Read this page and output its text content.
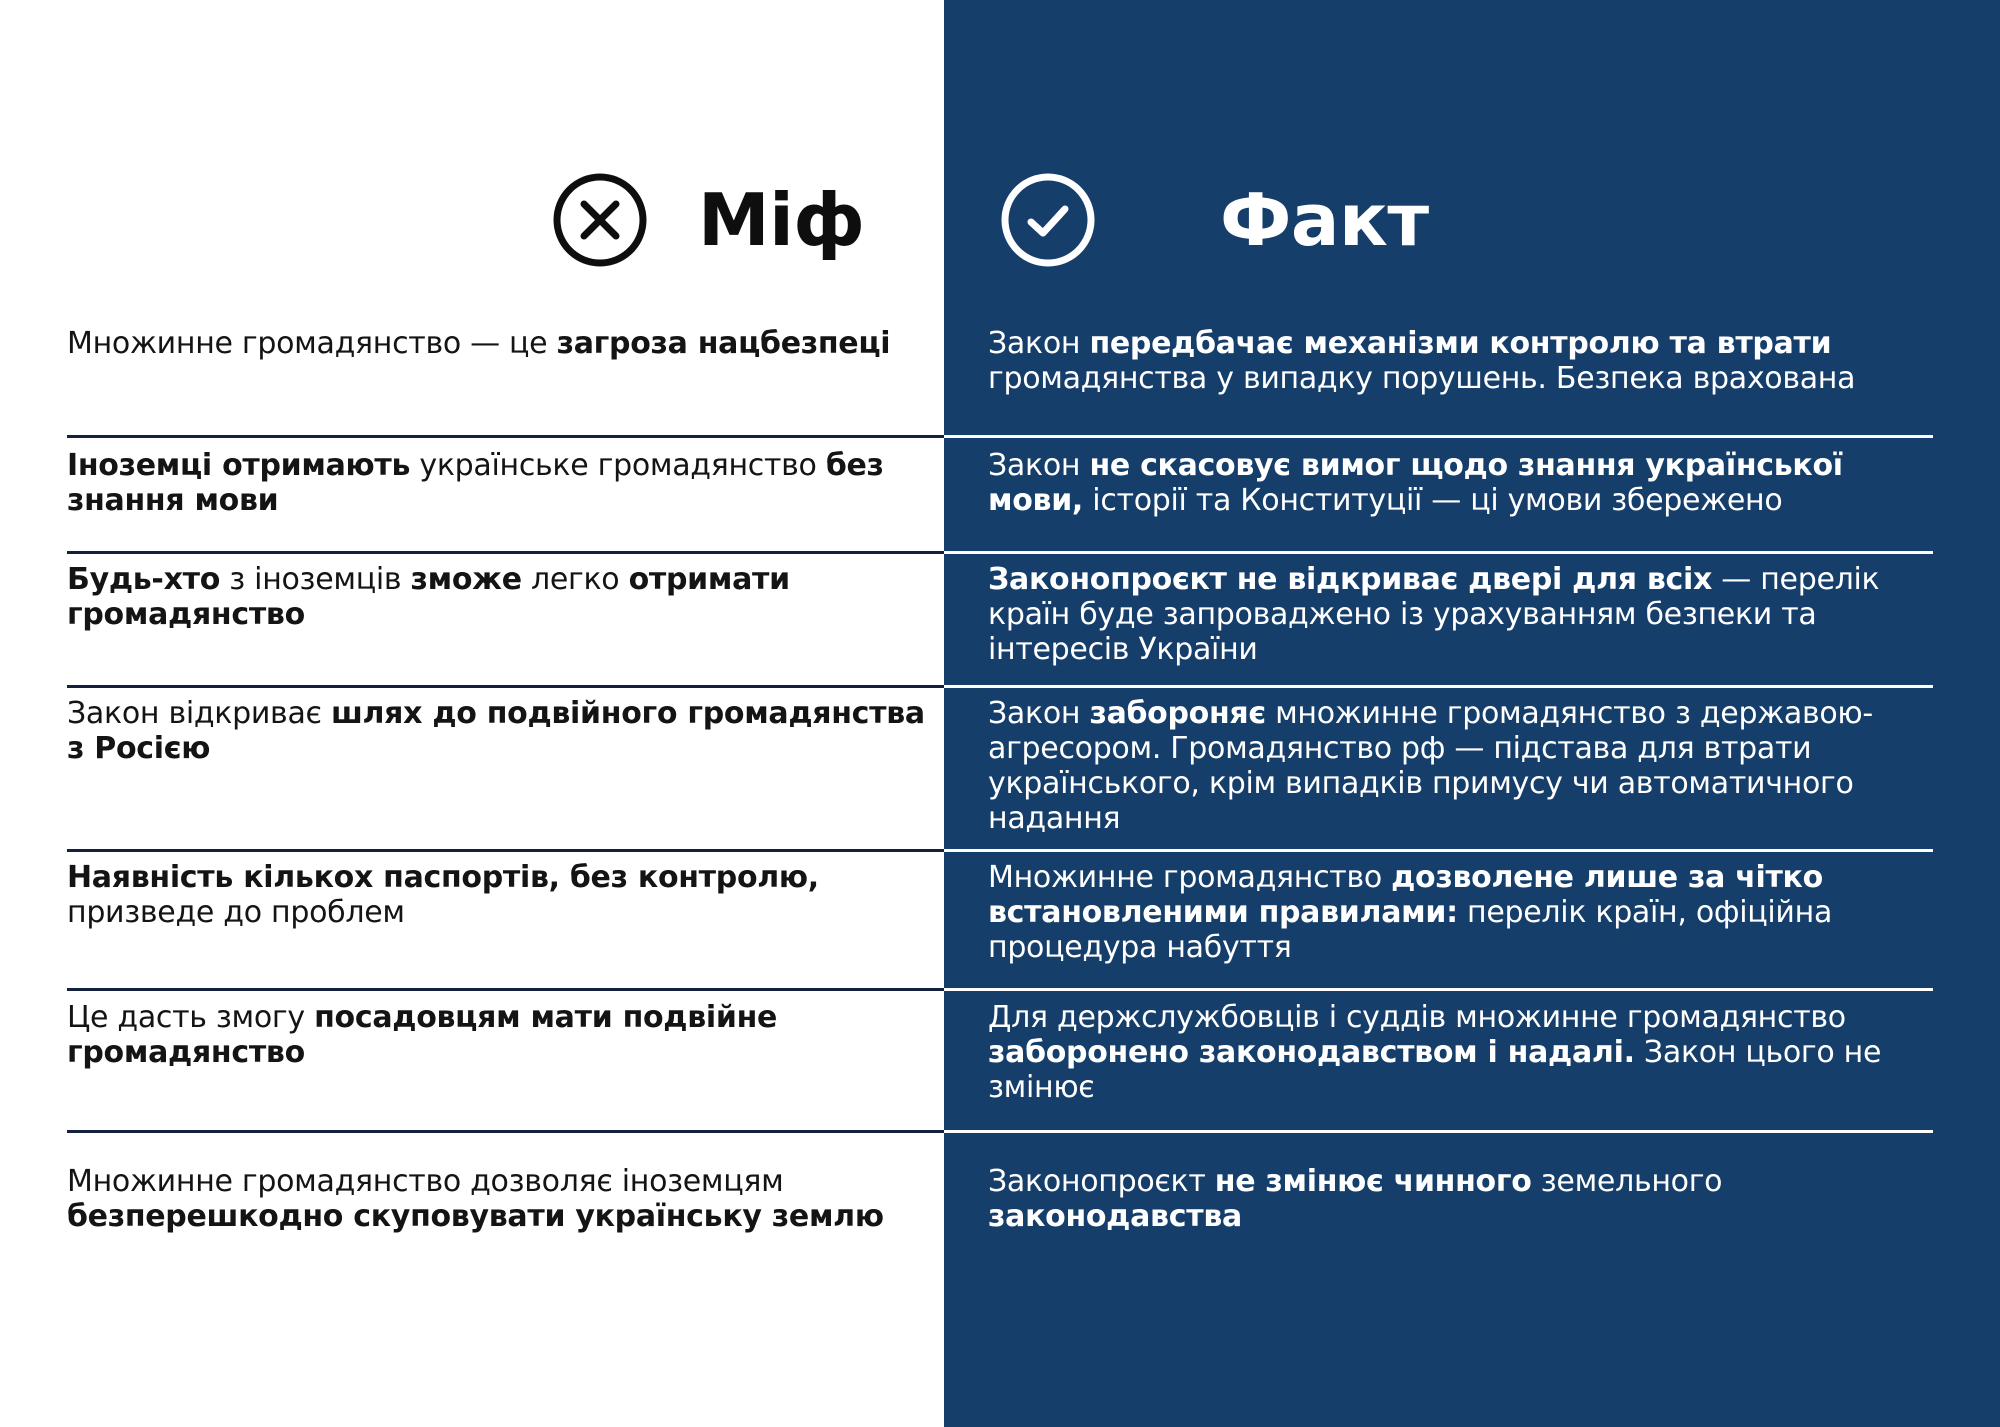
Міф	Факт
Множинне громадянство — це загроза нацбезпеці	Закон передбачає механізми контролю та втрати громадянства у випадку порушень. Безпека врахована
Іноземці отримають українське громадянство без знання мови
Закон не скасовує вимог щодо знання української мови, історії та Конституції — ці умови збережено
Будь-хто з іноземців зможе легко отримати громадянство
Законопроєкт не відкриває двері для всіх — перелік країн буде запроваджено із урахуванням безпеки та інтересів України
Закон відкриває шлях до подвійного громадянства з Росією
Закон забороняє множинне громадянство з державою-агресором. Громадянство рф — підстава для втрати українського, крім випадків примусу чи автоматичного надання
Наявність кількох паспортів, без контролю, призведе до проблем
Множинне громадянство дозволене лише за чітко встановленими правилами: перелік країн, офіційна процедура набуття
Це дасть змогу посадовцям мати подвійне громадянство
Для держслужбовців і суддів множинне громадянство заборонено законодавством і надалі. Закон цього не змінює
Множинне громадянство дозволяє іноземцям безперешкодно скуповувати українську землю
Законопроєкт не змінює чинного земельного законодавства
